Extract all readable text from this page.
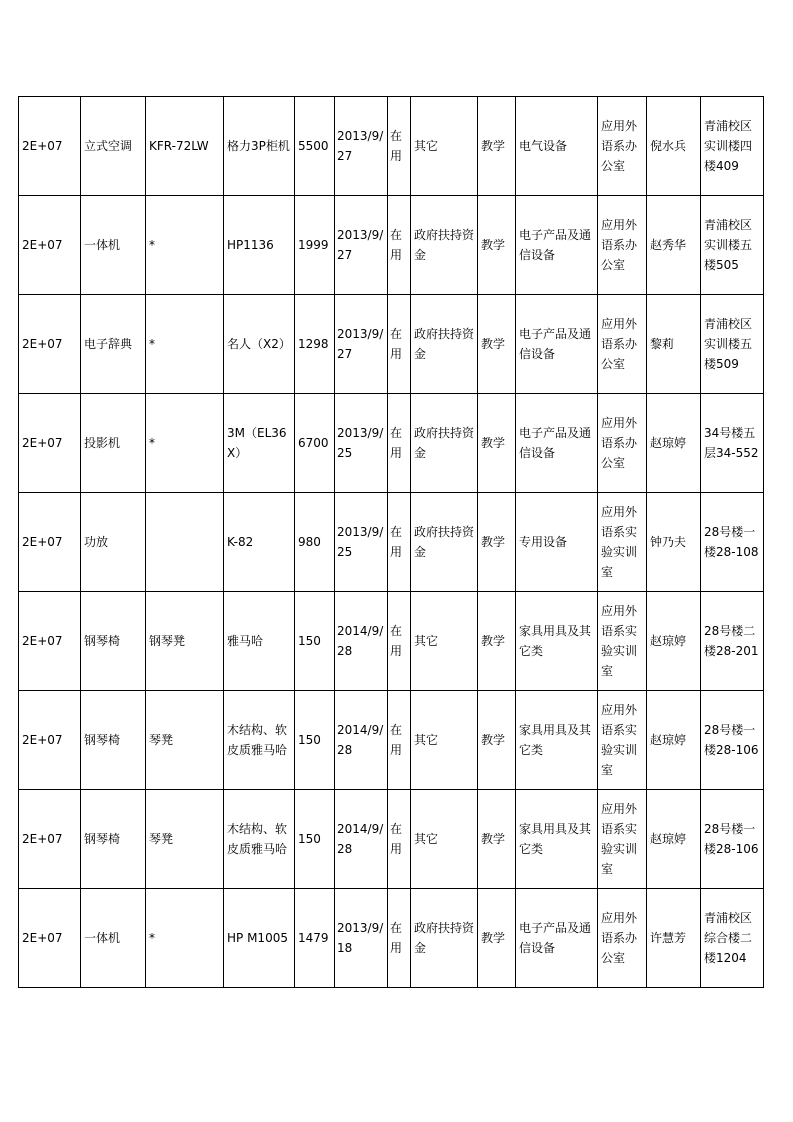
2E+07	立式空调	KFR-72LW	格力3P柜机	5500	2013/9/27	在用	其它	教学	电气设备	应用外语系办公室	倪水兵	青浦校区实训楼四楼409
2E+07	一体机	*	HP1136	1999	2013/9/27	在用	政府扶持资金	教学	电子产品及通信设备	应用外语系办公室	赵秀华	青浦校区实训楼五楼505
2E+07	电子辞典	*	名人（X2）	1298	2013/9/27	在用	政府扶持资金	教学	电子产品及通信设备	应用外语系办公室	黎莉	青浦校区实训楼五楼509
2E+07	投影机	*	3M（EL36X）	6700	2013/9/25	在用	政府扶持资金	教学	电子产品及通信设备	应用外语系办公室	赵琼婷	34号楼五层34-552
2E+07	功放		K-82	980	2013/9/25	在用	政府扶持资金	教学	专用设备	应用外语系实验实训室	钟乃夫	28号楼一楼28-108
2E+07	钢琴椅	钢琴凳	雅马哈	150	2014/9/28	在用	其它	教学	家具用具及其它类	应用外语系实验实训室	赵琼婷	28号楼二楼28-201
2E+07	钢琴椅	琴凳	木结构、软皮质雅马哈	150	2014/9/28	在用	其它	教学	家具用具及其它类	应用外语系实验实训室	赵琼婷	28号楼一楼28-106
2E+07	钢琴椅	琴凳	木结构、软皮质雅马哈	150	2014/9/28	在用	其它	教学	家具用具及其它类	应用外语系实验实训室	赵琼婷	28号楼一楼28-106
2E+07	一体机	*	HP M1005	1479	2013/9/18	在用	政府扶持资金	教学	电子产品及通信设备	应用外语系办公室	许慧芳	青浦校区综合楼二楼1204
